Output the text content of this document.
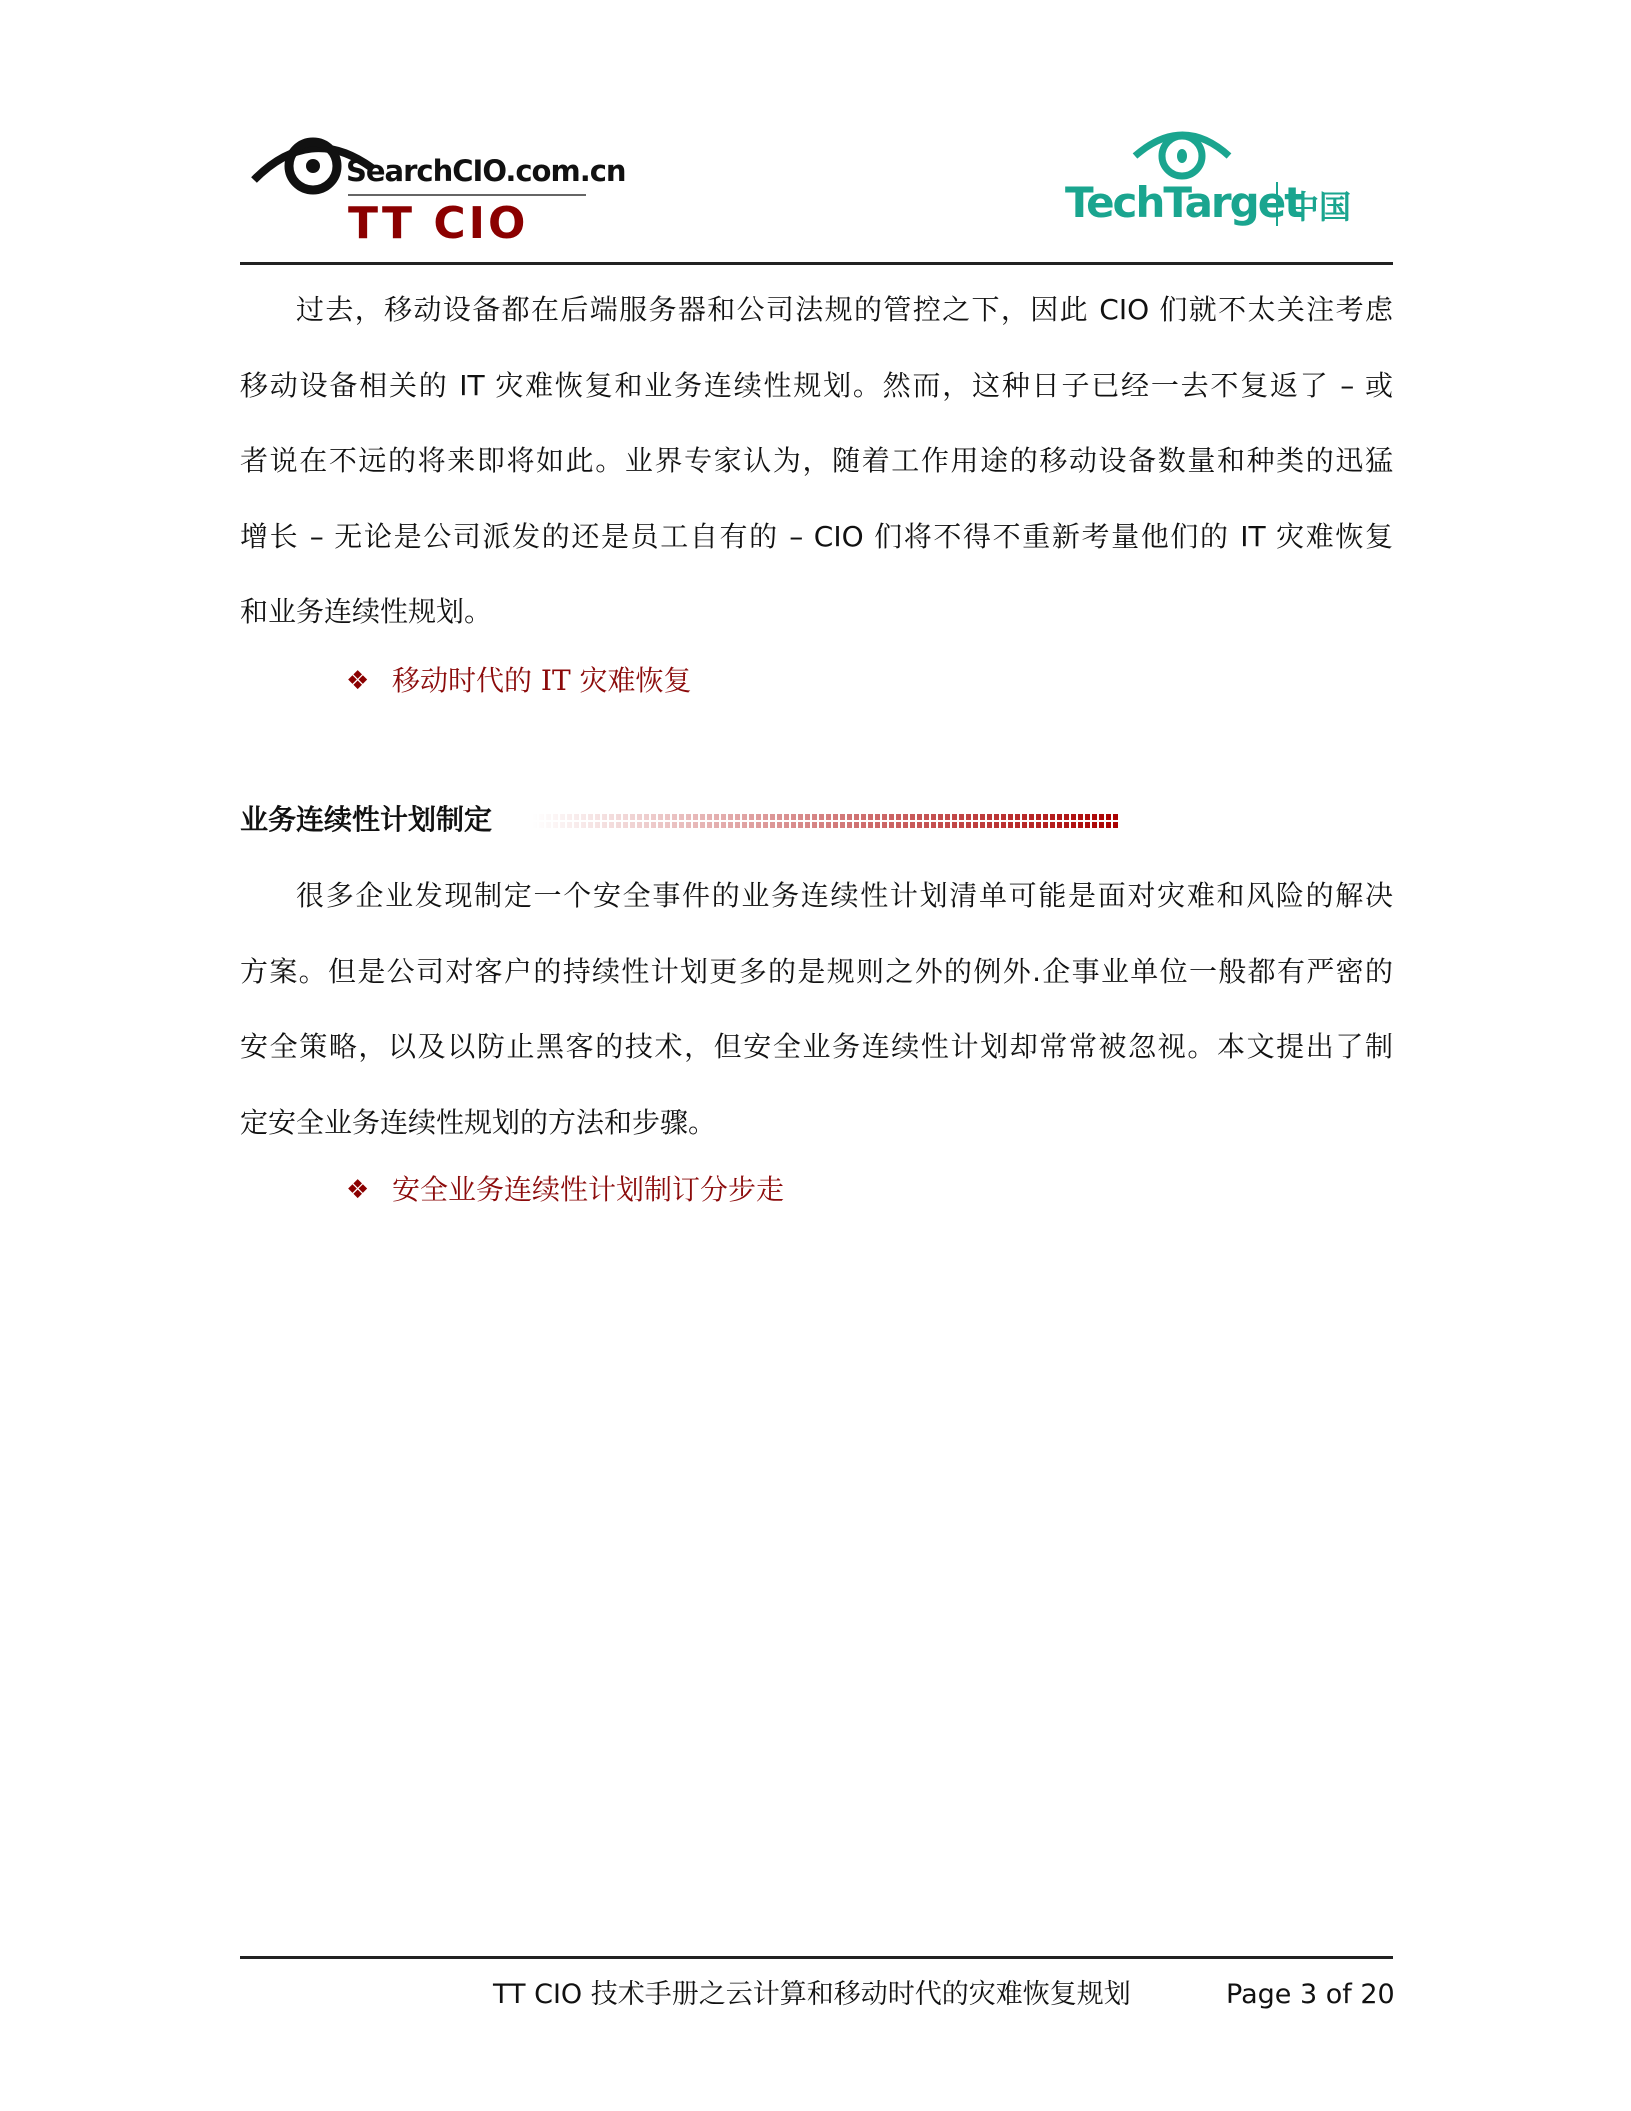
SearchCIO.com.cn
TT CIO	TechTarget
中国
过去，移动设备都在后端服务器和公司法规的管控之下，因此 CIO 们就不太关注考虑
移动设备相关的 IT 灾难恢复和业务连续性规划。然而，这种日子已经一去不复返了 – 或
者说在不远的将来即将如此。业界专家认为，随着工作用途的移动设备数量和种类的迅猛
增长 – 无论是公司派发的还是员工自有的 – CIO 们将不得不重新考量他们的 IT 灾难恢复
和业务连续性规划。
❖ 移动时代的 IT 灾难恢复
业务连续性计划制定
很多企业发现制定一个安全事件的业务连续性计划清单可能是面对灾难和风险的解决
方案。但是公司对客户的持续性计划更多的是规则之外的例外.企事业单位一般都有严密的
安全策略，以及以防止黑客的技术，但安全业务连续性计划却常常被忽视。本文提出了制
定安全业务连续性规划的方法和步骤。
❖ 安全业务连续性计划制订分步走
TT CIO 技术手册之云计算和移动时代的灾难恢复规划	Page 3 of 20
